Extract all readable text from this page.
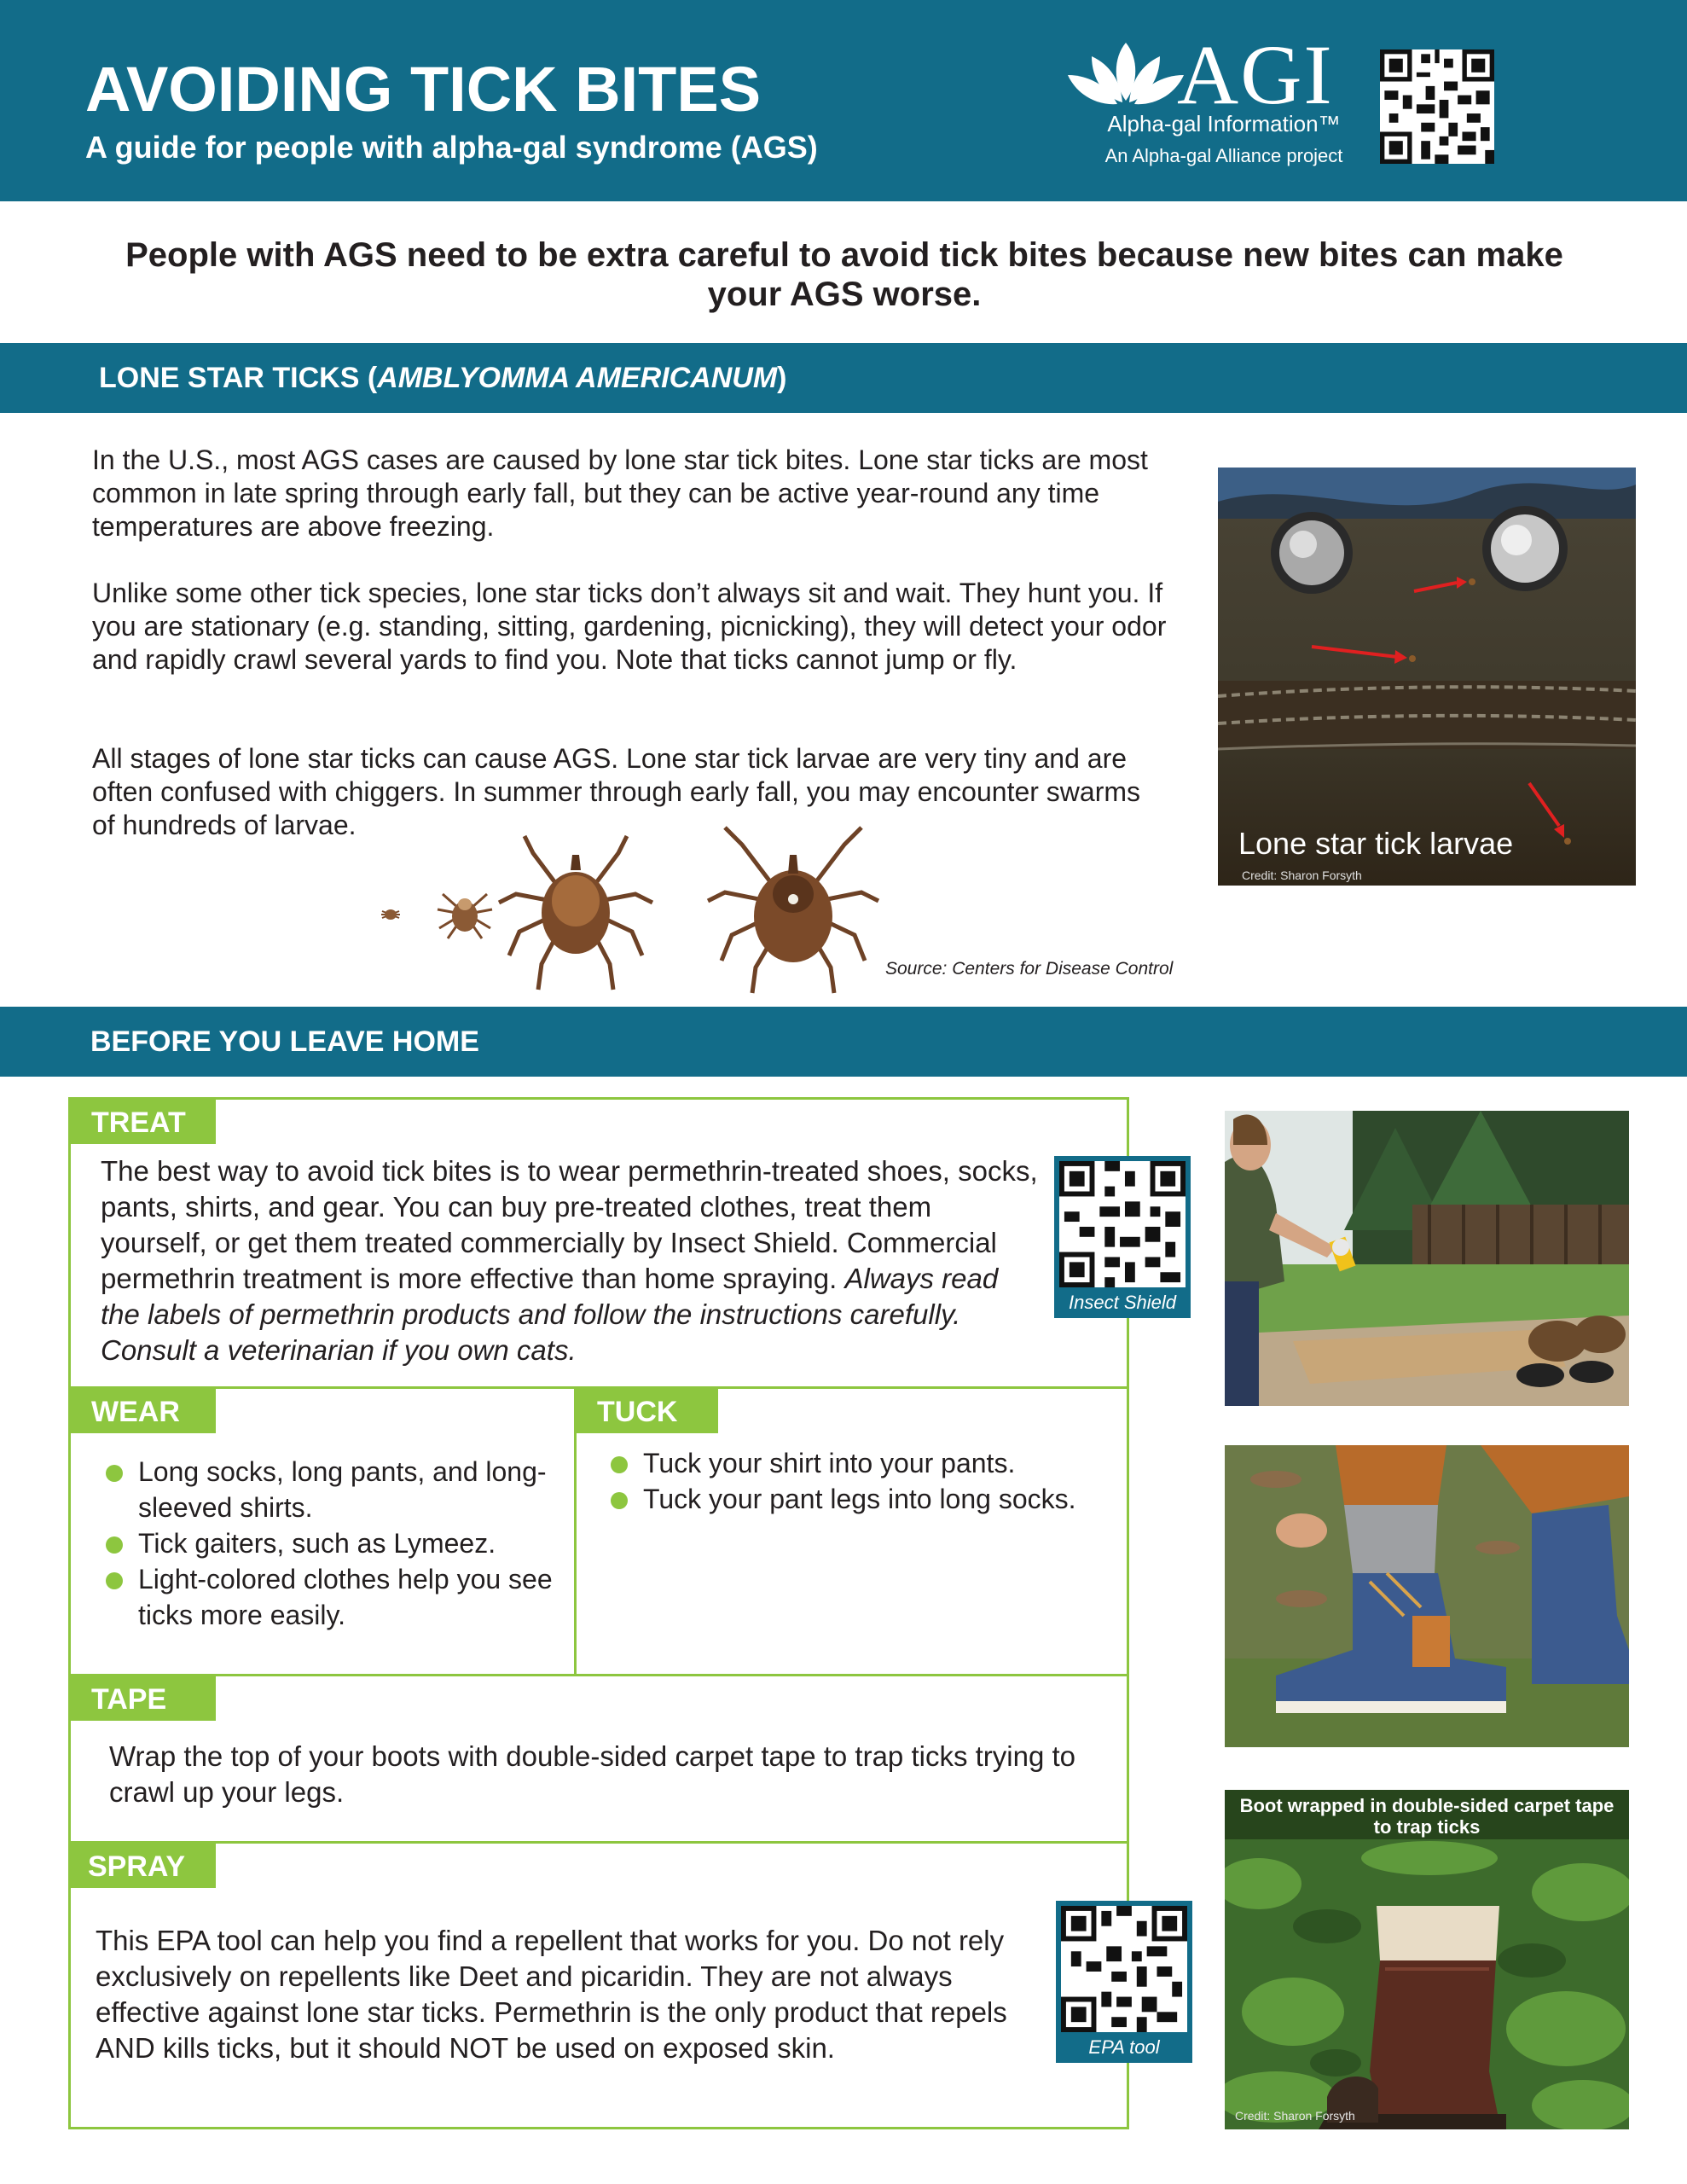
AVOIDING TICK BITES
A guide for people with alpha-gal syndrome (AGS)
AGI
Alpha-gal Information™
An Alpha-gal Alliance project
People with AGS need to be extra careful to avoid tick bites because new bites can make your AGS worse.
LONE STAR TICKS (AMBLYOMMA AMERICANUM)
In the U.S., most AGS cases are caused by lone star tick bites. Lone star ticks are most common in late spring through early fall, but they can be active year-round any time temperatures are above freezing.
Unlike some other tick species, lone star ticks don’t always sit and wait. They hunt you. If you are stationary (e.g. standing, sitting, gardening, picnicking), they will detect your odor and rapidly crawl several yards to find you. Note that ticks cannot jump or fly.
All stages of lone star ticks can cause AGS. Lone star tick larvae are very tiny and are often confused with chiggers. In summer through early fall, you may encounter swarms of hundreds of larvae.
Source: Centers for Disease Control
Lone star tick larvae
Credit: Sharon Forsyth
BEFORE YOU LEAVE HOME
TREAT
The best way to avoid tick bites is to wear permethrin-treated shoes, socks, pants, shirts, and gear. You can buy pre-treated clothes, treat them yourself, or get them treated commercially by Insect Shield. Commercial permethrin treatment is more effective than home spraying. Always read the labels of permethrin products and follow the instructions carefully. Consult a veterinarian if you own cats.
Insect Shield
WEAR
Long socks, long pants, and long-sleeved shirts.
Tick gaiters, such as Lymeez.
Light-colored clothes help you see ticks more easily.
TUCK
Tuck your shirt into your pants.
Tuck your pant legs into long socks.
TAPE
Wrap the top of your boots with double-sided carpet tape to trap ticks trying to crawl up your legs.
SPRAY
This EPA tool can help you find a repellent that works for you. Do not rely exclusively on repellents like Deet and picaridin. They are not always effective against lone star ticks. Permethrin is the only product that repels AND kills ticks, but it should NOT be used on exposed skin.	EPA tool
Boot wrapped in double-sided carpet tape to trap ticks
Credit: Sharon Forsyth
